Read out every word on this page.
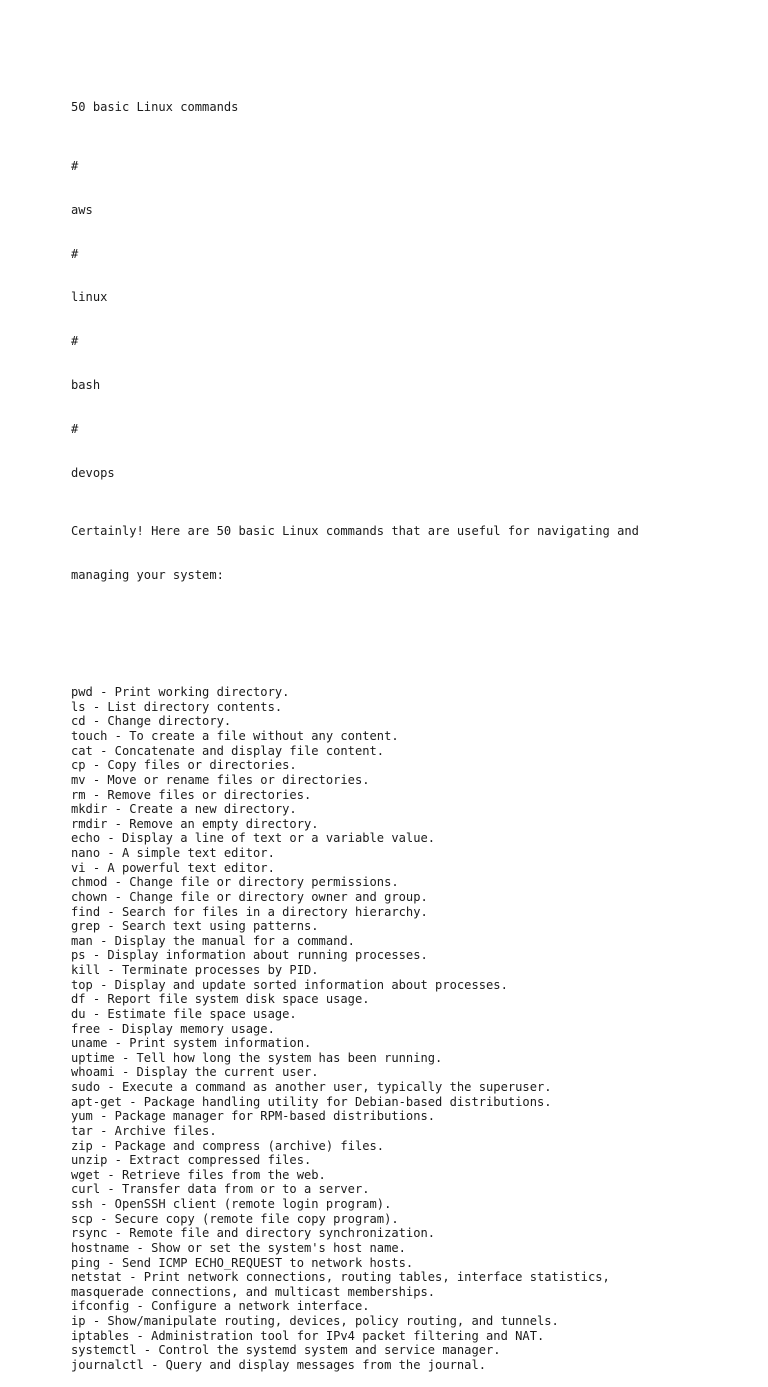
50 basic Linux commands

#

aws

#

linux

#

bash

#

devops

Certainly! Here are 50 basic Linux commands that are useful for navigating and

managing your system:

pwd - Print working directory.
ls - List directory contents.
cd - Change directory.
touch - To create a file without any content.
cat - Concatenate and display file content.
cp - Copy files or directories.
mv - Move or rename files or directories.
rm - Remove files or directories.
mkdir - Create a new directory.
rmdir - Remove an empty directory.
echo - Display a line of text or a variable value.
nano - A simple text editor.
vi - A powerful text editor.
chmod - Change file or directory permissions.
chown - Change file or directory owner and group.
find - Search for files in a directory hierarchy.
grep - Search text using patterns.
man - Display the manual for a command.
ps - Display information about running processes.
kill - Terminate processes by PID.
top - Display and update sorted information about processes.
df - Report file system disk space usage.
du - Estimate file space usage.
free - Display memory usage.
uname - Print system information.
uptime - Tell how long the system has been running.
whoami - Display the current user.
sudo - Execute a command as another user, typically the superuser.
apt-get - Package handling utility for Debian-based distributions.
yum - Package manager for RPM-based distributions.
tar - Archive files.
zip - Package and compress (archive) files.
unzip - Extract compressed files.
wget - Retrieve files from the web.
curl - Transfer data from or to a server.
ssh - OpenSSH client (remote login program).
scp - Secure copy (remote file copy program).
rsync - Remote file and directory synchronization.
hostname - Show or set the system's host name.
ping - Send ICMP ECHO_REQUEST to network hosts.
netstat - Print network connections, routing tables, interface statistics,
masquerade connections, and multicast memberships.
ifconfig - Configure a network interface.
ip - Show/manipulate routing, devices, policy routing, and tunnels.
iptables - Administration tool for IPv4 packet filtering and NAT.
systemctl - Control the systemd system and service manager.
journalctl - Query and display messages from the journal.
